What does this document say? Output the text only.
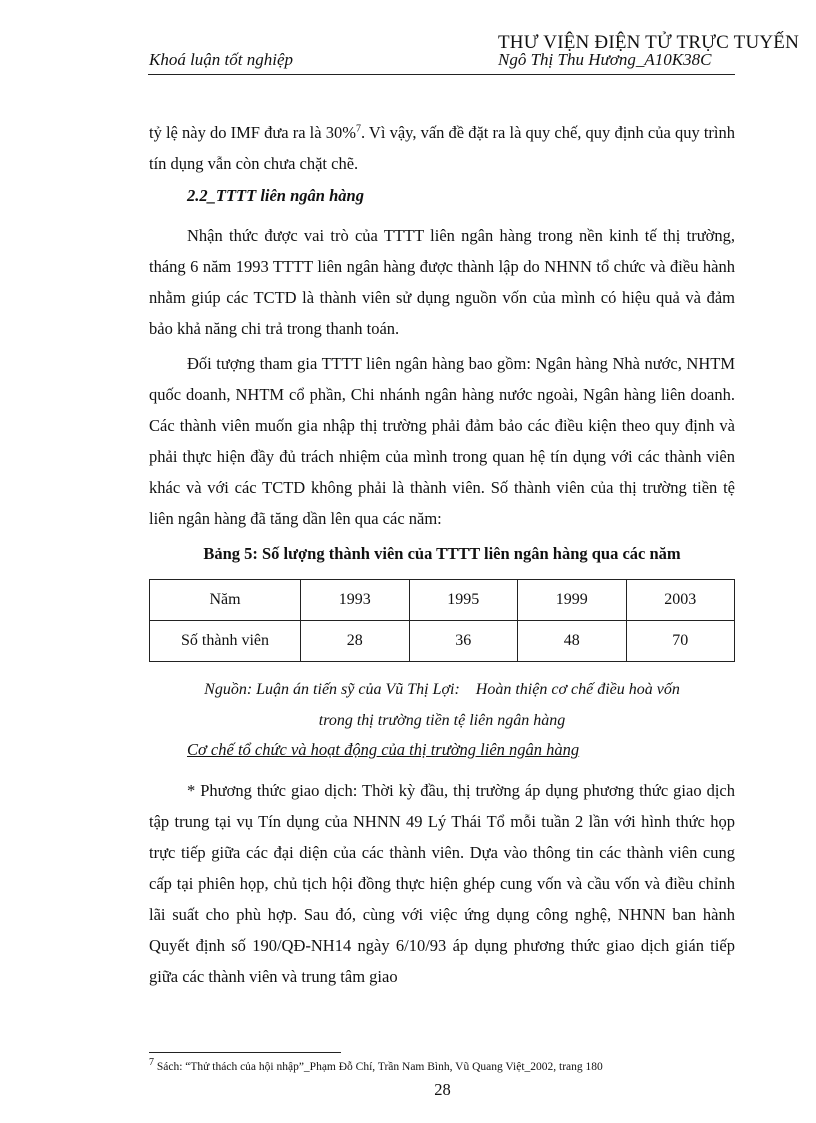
Khoá luận tốt nghiệp
THƯ VIỆN ĐIỆN TỬ TRỰC TUYẾN
Ngô Thị Thu Hương_A10K38C

tỷ lệ này do IMF đưa ra là 30%$^7$. Vì vậy, vấn đề đặt ra là quy chế, quy định của quy trình tín dụng vẫn còn chưa chặt chẽ.

2.2_TTTT liên ngân hàng

Nhận thức được vai trò của TTTT liên ngân hàng trong nền kinh tế thị trường, tháng 6 năm 1993 TTTT liên ngân hàng được thành lập do NHNN tổ chức và điều hành nhằm giúp các TCTD là thành viên sử dụng nguồn vốn của mình có hiệu quả và đảm bảo khả năng chi trả trong thanh toán.

Đối tượng tham gia TTTT liên ngân hàng bao gồm: Ngân hàng Nhà nước, NHTM quốc doanh, NHTM cổ phần, Chi nhánh ngân hàng nước ngoài, Ngân hàng liên doanh. Các thành viên muốn gia nhập thị trường phải đảm bảo các điều kiện theo quy định và phải thực hiện đầy đủ trách nhiệm của mình trong quan hệ tín dụng với các thành viên khác và với các TCTD không phải là thành viên. Số thành viên của thị trường tiền tệ liên ngân hàng đã tăng dần lên qua các năm:

Bảng 5: Số lượng thành viên của TTTT liên ngân hàng qua các năm
Năm	1993	1995	1999	2003
Số thành viên	28	36	48	70
Nguồn: Luận án tiến sỹ của Vũ Thị Lợi:    Hoàn thiện cơ chế điều hoà vốn
trong thị trường tiền tệ liên ngân hàng
Cơ chế tổ chức và hoạt động của thị trường liên ngân hàng

* Phương thức giao dịch: Thời kỳ đầu, thị trường áp dụng phương thức giao dịch tập trung tại vụ Tín dụng của NHNN 49 Lý Thái Tổ mỗi tuần 2 lần với hình thức họp trực tiếp giữa các đại diện của các thành viên. Dựa vào thông tin các thành viên cung cấp tại phiên họp, chủ tịch hội đồng thực hiện ghép cung vốn và cầu vốn và điều chỉnh lãi suất cho phù hợp. Sau đó, cùng với việc ứng dụng công nghệ, NHNN ban hành Quyết định số 190/QĐ-NH14 ngày 6/10/93 áp dụng phương thức giao dịch gián tiếp giữa các thành viên và trung tâm giao

$^7$ Sách: “Thử thách của hội nhập”_Phạm Đỗ Chí, Trần Nam Bình, Vũ Quang Việt_2002, trang 180
28
